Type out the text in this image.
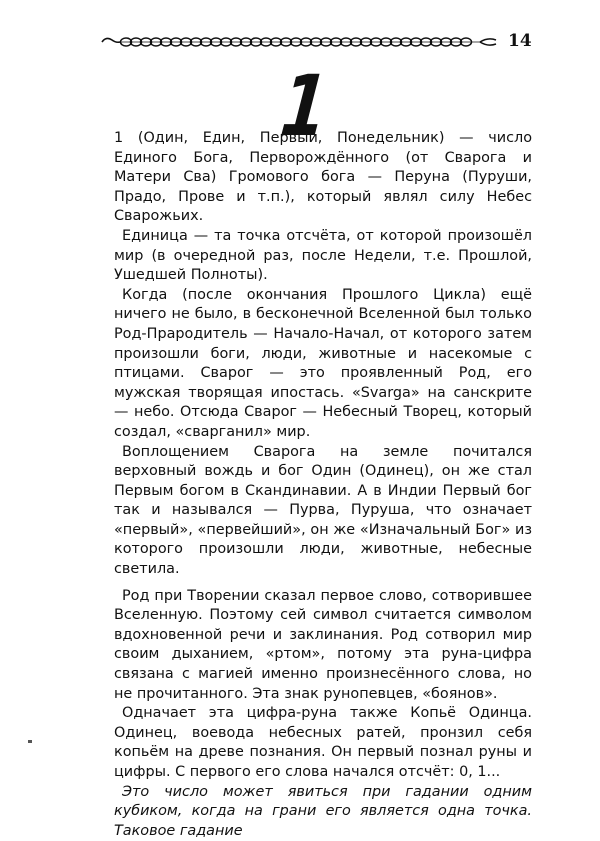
14
1

1 (Один, Един, Первый, Понедельник) — число Единого Бога, Перворождённого (от Сварога и Матери Сва) Громового бога — Перуна (Пуруши, Прадо, Прове и т.п.), который являл силу Небес Сварожьих.

Единица — та точка отсчёта, от которой произошёл мир (в очередной раз, после Недели, т.е. Прошлой, Ушедшей Полноты).

Когда (после окончания Прошлого Цикла) ещё ничего не было, в бесконечной Вселенной был только Род-Прародитель — Начало-Начал, от которого затем произошли боги, люди, животные и насекомые с птицами. Сварог — это проявленный Род, его мужская творящая ипостась. «Svarga» на санскрите — небо. Отсюда Сварог — Небесный Творец, который создал, «сварганил» мир.

Воплощением Сварога на земле почитался верховный вождь и бог Один (Одинец), он же стал Первым богом в Скандинавии. А в Индии Первый бог так и назывался — Пурва, Пуруша, что означает «первый», «первейший», он же «Изначальный Бог» из которого произошли люди, животные, небесные светила.

Род при Творении сказал первое слово, сотворившее Вселенную. Поэтому сей символ считается символом вдохновенной речи и заклинания. Род сотворил мир своим дыханием, «ртом», потому эта руна-цифра связана с магией именно произнесённого слова, но не прочитанного. Эта знак рунопевцев, «боянов».

Одначает эта цифра-руна также Копьё Одинца. Одинец, воевода небесных ратей, пронзил себя копьём на древе познания. Он первый познал руны и цифры. С первого его слова начался отсчёт: 0, 1...

Это число может явиться при гадании одним кубиком, когда на грани его является одна точка. Таковое гадание
